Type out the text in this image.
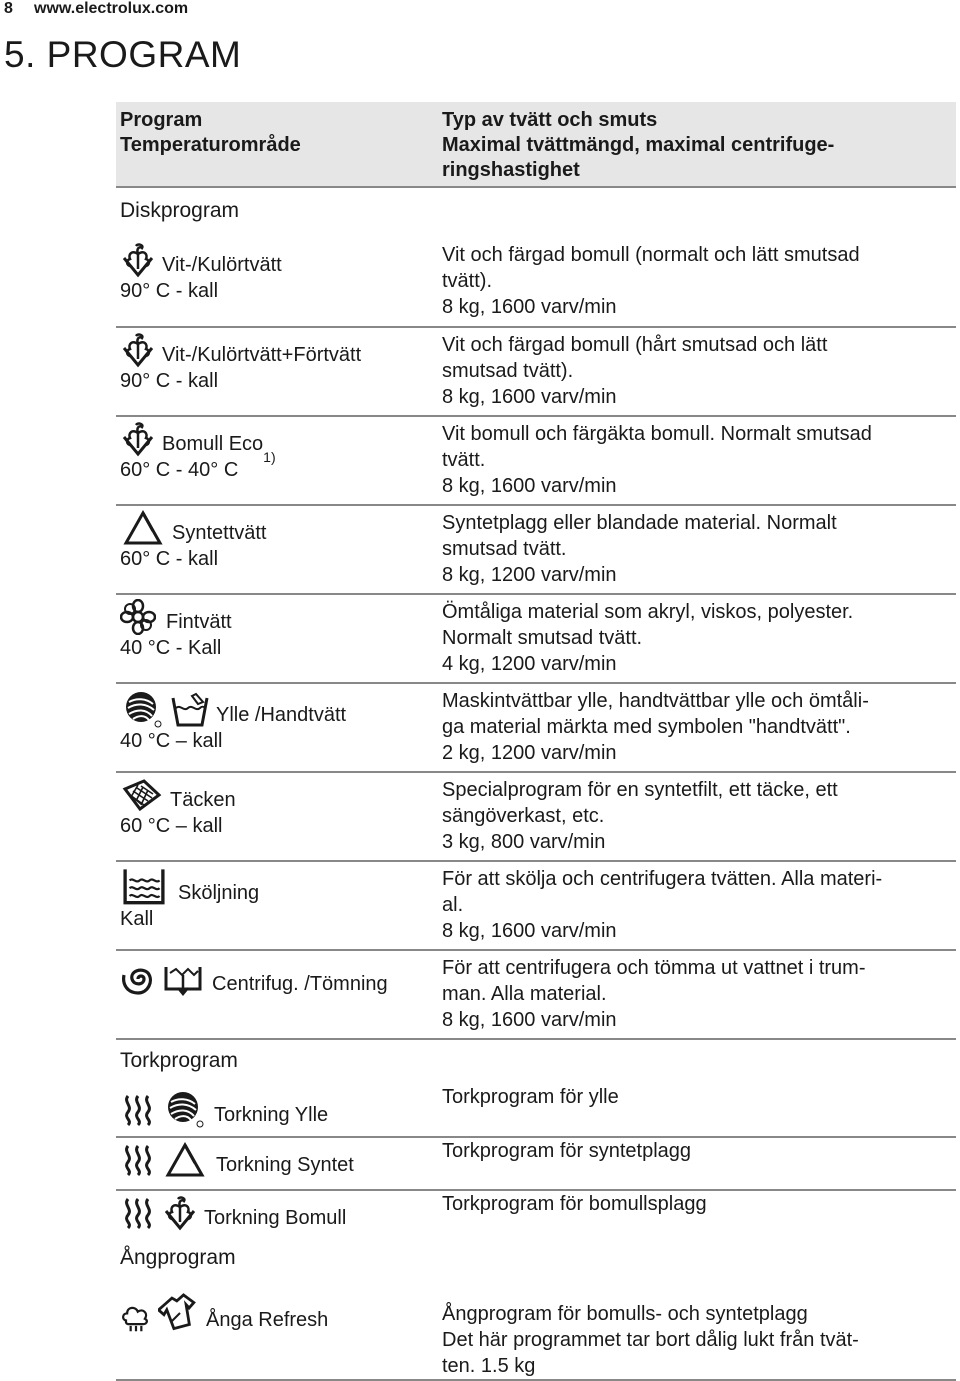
8 www.electrolux.com
5. PROGRAM
Program
Temperaturområde
Typ av tvätt och smuts
Maximal tvättmängd, maximal centrifuge-
ringshastighet
Diskprogram
Vit-/Kulörtvätt
90° C - kall
Vit och färgad bomull (normalt och lätt smutsad
tvätt).
8 kg, 1600 varv/min
Vit-/Kulörtvätt+Förtvätt
90° C - kall
Vit och färgad bomull (hårt smutsad och lätt
smutsad tvätt).
8 kg, 1600 varv/min
Bomull Eco
1)
60° C - 40° C
Vit bomull och färgäkta bomull. Normalt smutsad
tvätt.
8 kg, 1600 varv/min
Syntettvätt
60° C - kall
Syntetplagg eller blandade material. Normalt
smutsad tvätt.
8 kg, 1200 varv/min
Fintvätt
40 °C - Kall
Ömtåliga material som akryl, viskos, polyester.
Normalt smutsad tvätt.
4 kg, 1200 varv/min
Ylle /Handtvätt
40 °C – kall
Maskintvättbar ylle, handtvättbar ylle och ömtåli-
ga material märkta med symbolen "handtvätt".
2 kg, 1200 varv/min
Täcken
60 °C – kall
Specialprogram för en syntetfilt, ett täcke, ett
sängöverkast, etc.
3 kg, 800 varv/min
Sköljning
Kall
För att skölja och centrifugera tvätten. Alla materi-
al.
8 kg, 1600 varv/min
Centrifug. /Tömning
För att centrifugera och tömma ut vattnet i trum-
man. Alla material.
8 kg, 1600 varv/min
Torkprogram
Torkning Ylle
Torkprogram för ylle
Torkning Syntet
Torkprogram för syntetplagg
Torkning Bomull
Torkprogram för bomullsplagg
Ångprogram
Ånga Refresh	Ångprogram för bomulls- och syntetplagg
Det här programmet tar bort dålig lukt från tvät-
ten. 1.5 kg
